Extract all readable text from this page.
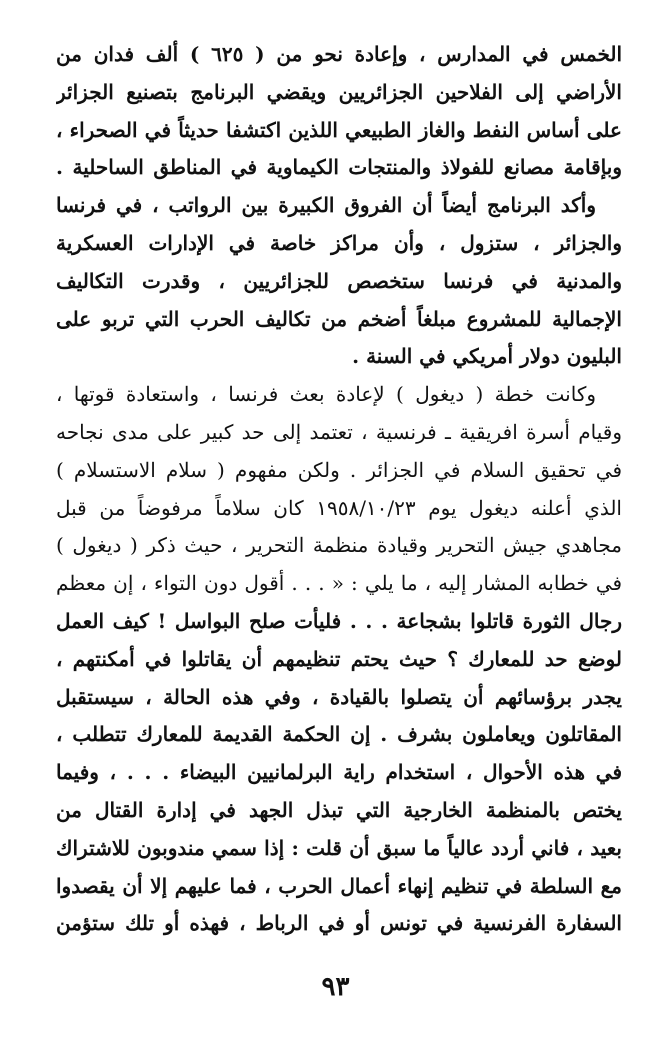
الخمس في المدارس ، وإعادة نحو من ( ٦٢٥ ) ألف فدان من
الأراضي إلى الفلاحين الجزائريين ويقضي البرنامج بتصنيع الجزائر
على أساس النفط والغاز الطبيعي اللذين اكتشفا حديثاً في الصحراء ،
وبإقامة مصانع للفولاذ والمنتجات الكيماوية في المناطق الساحلية .
وأكد البرنامج أيضاً أن الفروق الكبيرة بين الرواتب ، في فرنسا
والجزائر ، ستزول ، وأن مراكز خاصة في الإدارات العسكرية
والمدنية في فرنسا ستخصص للجزائريين ، وقدرت التكاليف
الإجمالية للمشروع مبلغاً أضخم من تكاليف الحرب التي تربو على
البليون دولار أمريكي في السنة .
وكانت خطة ( ديغول ) لإعادة بعث فرنسا ، واستعادة قوتها ،
وقيام أسرة افريقية ـ فرنسية ، تعتمد إلى حد كبير على مدى نجاحه
في تحقيق السلام في الجزائر . ولكن مفهوم ( سلام الاستسلام )
الذي أعلنه ديغول يوم ١٩٥٨/١٠/٢٣ كان سلاماً مرفوضاً من قبل
مجاهدي جيش التحرير وقيادة منظمة التحرير ، حيث ذكر ( ديغول )
في خطابه المشار إليه ، ما يلي : « . . . أقول دون التواء ، إن معظم
رجال الثورة قاتلوا بشجاعة . . . فليأت صلح البواسل ! كيف العمل
لوضع حد للمعارك ؟ حيث يحتم تنظيمهم أن يقاتلوا في أمكنتهم ،
يجدر برؤسائهم أن يتصلوا بالقيادة ، وفي هذه الحالة ، سيستقبل
المقاتلون ويعاملون بشرف . إن الحكمة القديمة للمعارك تتطلب ،
في هذه الأحوال ، استخدام راية البرلمانيين البيضاء . . . ، وفيما
يختص بالمنظمة الخارجية التي تبذل الجهد في إدارة القتال من
بعيد ، فاني أردد عالياً ما سبق أن قلت : إذا سمي مندوبون للاشتراك
مع السلطة في تنظيم إنهاء أعمال الحرب ، فما عليهم إلا أن يقصدوا
السفارة الفرنسية في تونس أو في الرباط ، فهذه أو تلك ستؤمن
٩٣
